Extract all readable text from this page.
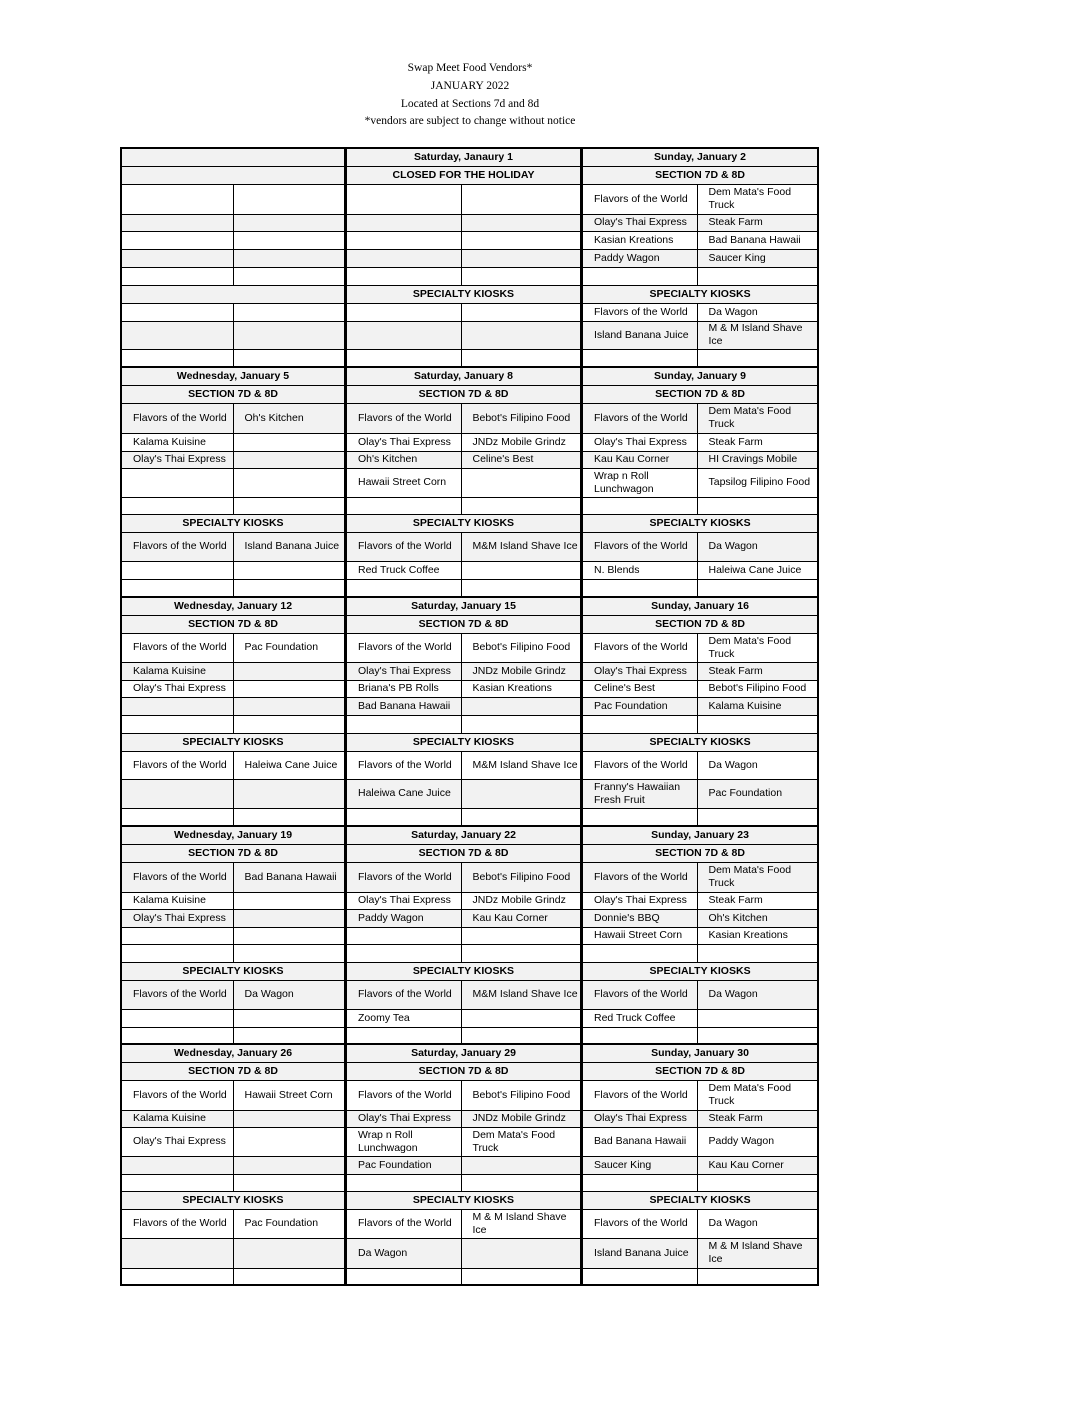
Swap Meet Food Vendors*
JANUARY 2022
Located at Sections 7d and 8d
*vendors are subject to change without notice

Wednesday, January 5	
SECTION 7D & 8D	
Flavors of the World	Oh's Kitchen
Kalama Kuisine	
Olay's Thai Express	

SPECIALTY KIOSKS	
Flavors of the World	Island Banana Juice

Wednesday, January 12	
SECTION 7D & 8D	
Flavors of the World	Pac Foundation
Kalama Kuisine	
Olay's Thai Express	

SPECIALTY KIOSKS	
Flavors of the World	Haleiwa Cane Juice

Wednesday, January 19	
SECTION 7D & 8D	
Flavors of the World	Bad Banana Hawaii
Kalama Kuisine	
Olay's Thai Express	

SPECIALTY KIOSKS	
Flavors of the World	Da Wagon

Wednesday, January 26	
SECTION 7D & 8D	
Flavors of the World	Hawaii Street Corn
Kalama Kuisine	
Olay's Thai Express	

SPECIALTY KIOSKS	
Flavors of the World	Pac Foundation

Saturday, Janaury 1	
CLOSED FOR THE HOLIDAY	

SPECIALTY KIOSKS	

Saturday, January 8	
SECTION 7D & 8D	
Flavors of the World	Bebot's Filipino Food
Olay's Thai Express	JNDz Mobile Grindz
Oh's Kitchen	Celine's Best
Hawaii Street Corn	

SPECIALTY KIOSKS	
Flavors of the World	M&M Island Shave Ice
Red Truck Coffee	

Saturday, January 15	
SECTION 7D & 8D	
Flavors of the World	Bebot's Filipino Food
Olay's Thai Express	JNDz Mobile Grindz
Briana's PB Rolls	Kasian Kreations
Bad Banana Hawaii	

SPECIALTY KIOSKS	
Flavors of the World	M&M Island Shave Ice
Haleiwa Cane Juice	

Saturday, January 22	
SECTION 7D & 8D	
Flavors of the World	Bebot's Filipino Food
Olay's Thai Express	JNDz Mobile Grindz
Paddy Wagon	Kau Kau Corner

SPECIALTY KIOSKS	
Flavors of the World	M&M Island Shave Ice
Zoomy Tea	

Saturday, January 29	
SECTION 7D & 8D	
Flavors of the World	Bebot's Filipino Food
Olay's Thai Express	JNDz Mobile Grindz
Wrap n Roll Lunchwagon	Dem Mata's Food Truck
Pac Foundation	

SPECIALTY KIOSKS	
Flavors of the World	M & M Island Shave Ice
Da Wagon	

Sunday, January 2	
SECTION 7D & 8D	
Flavors of the World	Dem Mata's Food Truck
Olay's Thai Express	Steak Farm
Kasian Kreations	Bad Banana Hawaii
Paddy Wagon	Saucer King

SPECIALTY KIOSKS	
Flavors of the World	Da Wagon
Island Banana Juice	M & M Island Shave Ice

Sunday, January 9	
SECTION 7D & 8D	
Flavors of the World	Dem Mata's Food Truck
Olay's Thai Express	Steak Farm
Kau Kau Corner	HI Cravings Mobile
Wrap n Roll Lunchwagon	Tapsilog Filipino Food

SPECIALTY KIOSKS	
Flavors of the World	Da Wagon
N. Blends	Haleiwa Cane Juice

Sunday, January 16	
SECTION 7D & 8D	
Flavors of the World	Dem Mata's Food Truck
Olay's Thai Express	Steak Farm
Celine's Best	Bebot's Filipino Food
Pac Foundation	Kalama Kuisine

SPECIALTY KIOSKS	
Flavors of the World	Da Wagon
Franny's Hawaiian Fresh Fruit	Pac Foundation

Sunday, January 23	
SECTION 7D & 8D	
Flavors of the World	Dem Mata's Food Truck
Olay's Thai Express	Steak Farm
Donnie's BBQ	Oh's Kitchen
Hawaii Street Corn	Kasian Kreations

SPECIALTY KIOSKS	
Flavors of the World	Da Wagon
Red Truck Coffee	

Sunday, January 30	
SECTION 7D & 8D	
Flavors of the World	Dem Mata's Food Truck
Olay's Thai Express	Steak Farm
Bad Banana Hawaii	Paddy Wagon
Saucer King	Kau Kau Corner

SPECIALTY KIOSKS	
Flavors of the World	Da Wagon
Island Banana Juice	M & M Island Shave Ice
